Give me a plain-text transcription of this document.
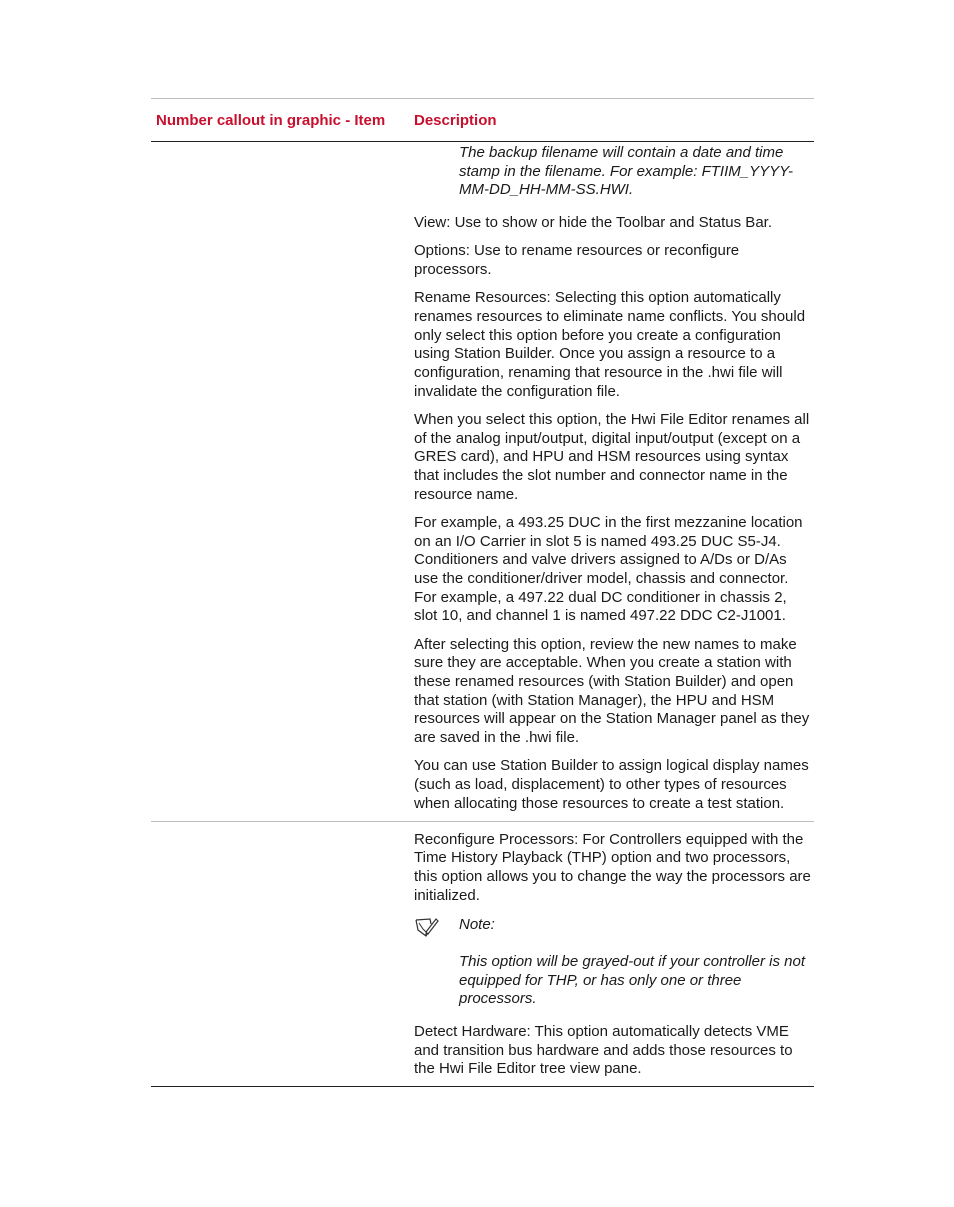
Number callout in graphic - Item	Description

The backup filename will contain a date and time stamp in the filename. For example: FTIIM_YYYY-MM-DD_HH-MM-SS.HWI.

View: Use to show or hide the Toolbar and Status Bar.

Options: Use to rename resources or reconfigure processors.

Rename Resources: Selecting this option automatically renames resources to eliminate name conflicts. You should only select this option before you create a configuration using Station Builder. Once you assign a resource to a configuration, renaming that resource in the .hwi file will invalidate the configuration file.

When you select this option, the Hwi File Editor renames all of the analog input/output, digital input/output (except on a GRES card), and HPU and HSM resources using syntax that includes the slot number and connector name in the resource name.

For example, a 493.25 DUC in the first mezzanine location on an I/O Carrier in slot 5 is named 493.25 DUC S5-J4. Conditioners and valve drivers assigned to A/Ds or D/As use the conditioner/driver model, chassis and connector. For example, a 497.22 dual DC conditioner in chassis 2, slot 10, and channel 1 is named 497.22 DDC C2-J1001.

After selecting this option, review the new names to make sure they are acceptable. When you create a station with these renamed resources (with Station Builder) and open that station (with Station Manager), the HPU and HSM resources will appear on the Station Manager panel as they are saved in the .hwi file.

You can use Station Builder to assign logical display names (such as load, displacement) to other types of resources when allocating those resources to create a test station.

Reconfigure Processors: For Controllers equipped with the Time History Playback (THP) option and two processors, this option allows you to change the way the processors are initialized.

Note:

This option will be grayed-out if your controller is not equipped for THP, or has only one or three processors.

Detect Hardware: This option automatically detects VME and transition bus hardware and adds those resources to the Hwi File Editor tree view pane.
